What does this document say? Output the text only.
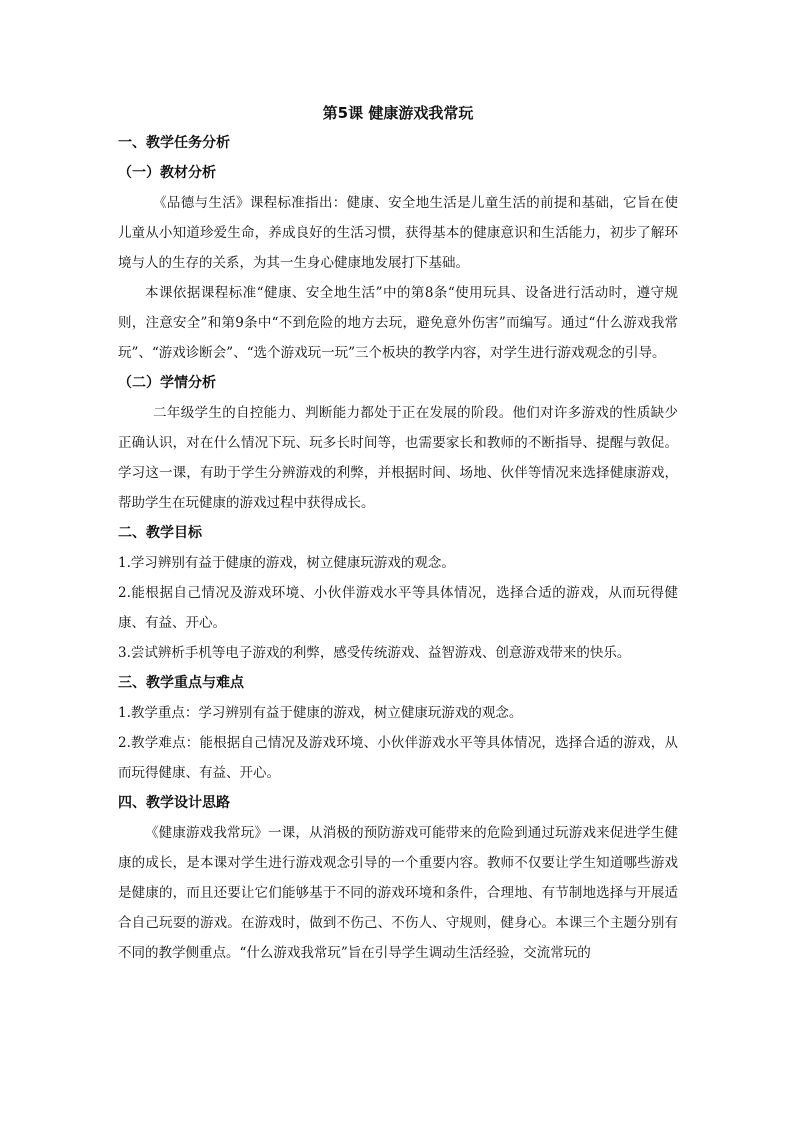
第5课 健康游戏我常玩
一、教学任务分析
（一）教材分析

《品德与生活》课程标准指出：健康、安全地生活是儿童生活的前提和基础，它旨在使儿童从小知道珍爱生命，养成良好的生活习惯，获得基本的健康意识和生活能力，初步了解环境与人的生存的关系，为其一生身心健康地发展打下基础。

本课依据课程标准“健康、安全地生活”中的第8条“使用玩具、设备进行活动时，遵守规则，注意安全”和第9条中“不到危险的地方去玩，避免意外伤害”而编写。通过“什么游戏我常玩”、“游戏诊断会”、“选个游戏玩一玩”三个板块的教学内容，对学生进行游戏观念的引导。

（二）学情分析

二年级学生的自控能力、判断能力都处于正在发展的阶段。他们对许多游戏的性质缺少正确认识，对在什么情况下玩、玩多长时间等，也需要家长和教师的不断指导、提醒与敦促。学习这一课，有助于学生分辨游戏的利弊，并根据时间、场地、伙伴等情况来选择健康游戏，帮助学生在玩健康的游戏过程中获得成长。

二、教学目标

1.学习辨别有益于健康的游戏，树立健康玩游戏的观念。

2.能根据自己情况及游戏环境、小伙伴游戏水平等具体情况，选择合适的游戏，从而玩得健康、有益、开心。

3.尝试辨析手机等电子游戏的利弊，感受传统游戏、益智游戏、创意游戏带来的快乐。

三、教学重点与难点

1.教学重点：学习辨别有益于健康的游戏，树立健康玩游戏的观念。

2.教学难点：能根据自己情况及游戏环境、小伙伴游戏水平等具体情况，选择合适的游戏，从而玩得健康、有益、开心。

四、教学设计思路

《健康游戏我常玩》一课，从消极的预防游戏可能带来的危险到通过玩游戏来促进学生健康的成长，是本课对学生进行游戏观念引导的一个重要内容。教师不仅要让学生知道哪些游戏是健康的，而且还要让它们能够基于不同的游戏环境和条件，合理地、有节制地选择与开展适合自己玩耍的游戏。在游戏时，做到不伤己、不伤人、守规则，健身心。本课三个主题分别有不同的教学侧重点。“什么游戏我常玩”旨在引导学生调动生活经验，交流常玩的
